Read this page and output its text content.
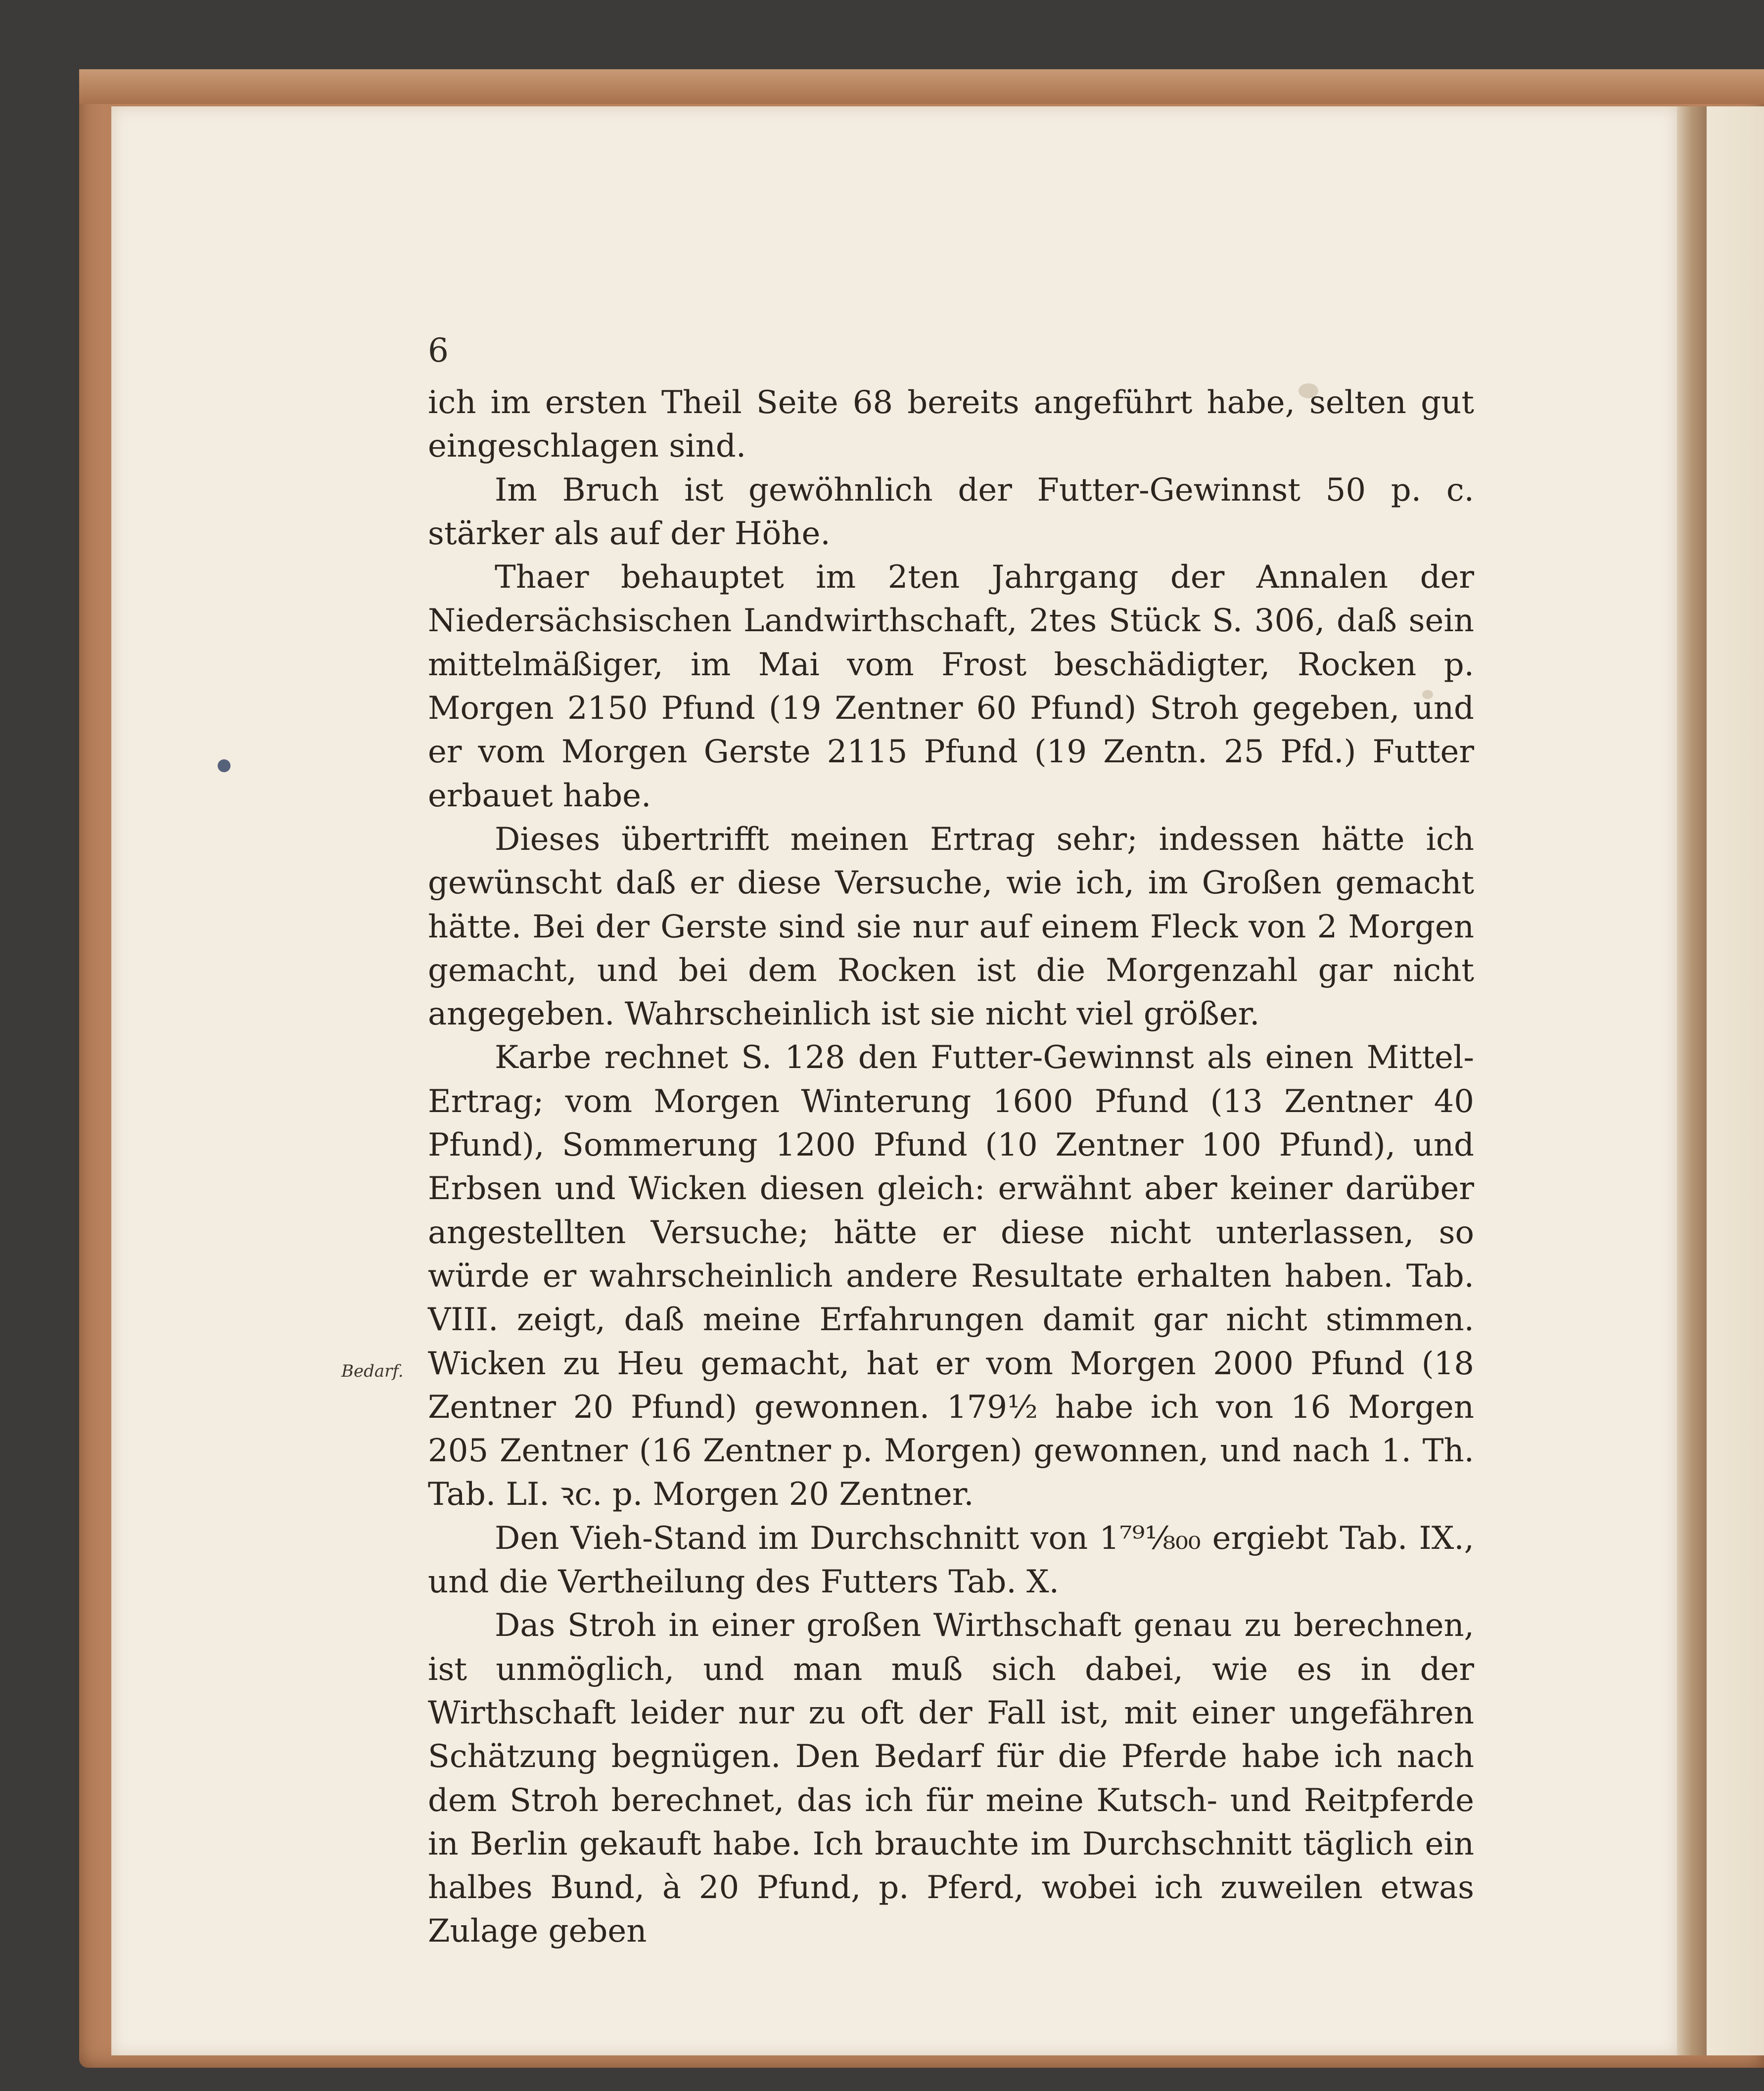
6
Bedarf.

ich im ersten Theil Seite 68 bereits angeführt habe, selten gut eingeschlagen sind.

Im Bruch ist gewöhnlich der Futter-Gewinnst 50 p. c. stärker als auf der Höhe.

Thaer behauptet im 2ten Jahrgang der Annalen der Niedersächsischen Landwirthschaft, 2tes Stück S. 306, daß sein mittelmäßiger, im Mai vom Frost beschädigter, Rocken p. Morgen 2150 Pfund (19 Zentner 60 Pfund) Stroh gegeben, und er vom Morgen Gerste 2115 Pfund (19 Zentn. 25 Pfd.) Futter erbauet habe.

Dieses übertrifft meinen Ertrag sehr; indessen hätte ich gewünscht daß er diese Versuche, wie ich, im Großen gemacht hätte. Bei der Gerste sind sie nur auf einem Fleck von 2 Morgen gemacht, und bei dem Rocken ist die Morgenzahl gar nicht angegeben. Wahrscheinlich ist sie nicht viel größer.

Karbe rechnet S. 128 den Futter-Gewinnst als einen Mittel-Ertrag; vom Morgen Winterung 1600 Pfund (13 Zentner 40 Pfund), Sommerung 1200 Pfund (10 Zentner 100 Pfund), und Erbsen und Wicken diesen gleich: erwähnt aber keiner darüber angestellten Versuche; hätte er diese nicht unterlassen, so würde er wahrscheinlich andere Resultate erhalten haben. Tab. VIII. zeigt, daß meine Erfahrungen damit gar nicht stimmen. Wicken zu Heu gemacht, hat er vom Morgen 2000 Pfund (18 Zentner 20 Pfund) gewonnen. 179½ habe ich von 16 Morgen 205 Zentner (16 Zentner p. Morgen) gewonnen, und nach 1. Th. Tab. LI. ꝛc. p. Morgen 20 Zentner.

Den Vieh-Stand im Durchschnitt von 1⁷⁹¹⁄₈₀₀ ergiebt Tab. IX., und die Vertheilung des Futters Tab. X.

Das Stroh in einer großen Wirthschaft genau zu berechnen, ist unmöglich, und man muß sich dabei, wie es in der Wirthschaft leider nur zu oft der Fall ist, mit einer ungefähren Schätzung begnügen. Den Bedarf für die Pferde habe ich nach dem Stroh berechnet, das ich für meine Kutsch- und Reitpferde in Berlin gekauft habe. Ich brauchte im Durchschnitt täglich ein halbes Bund, à 20 Pfund, p. Pferd, wobei ich zuweilen etwas Zulage geben
